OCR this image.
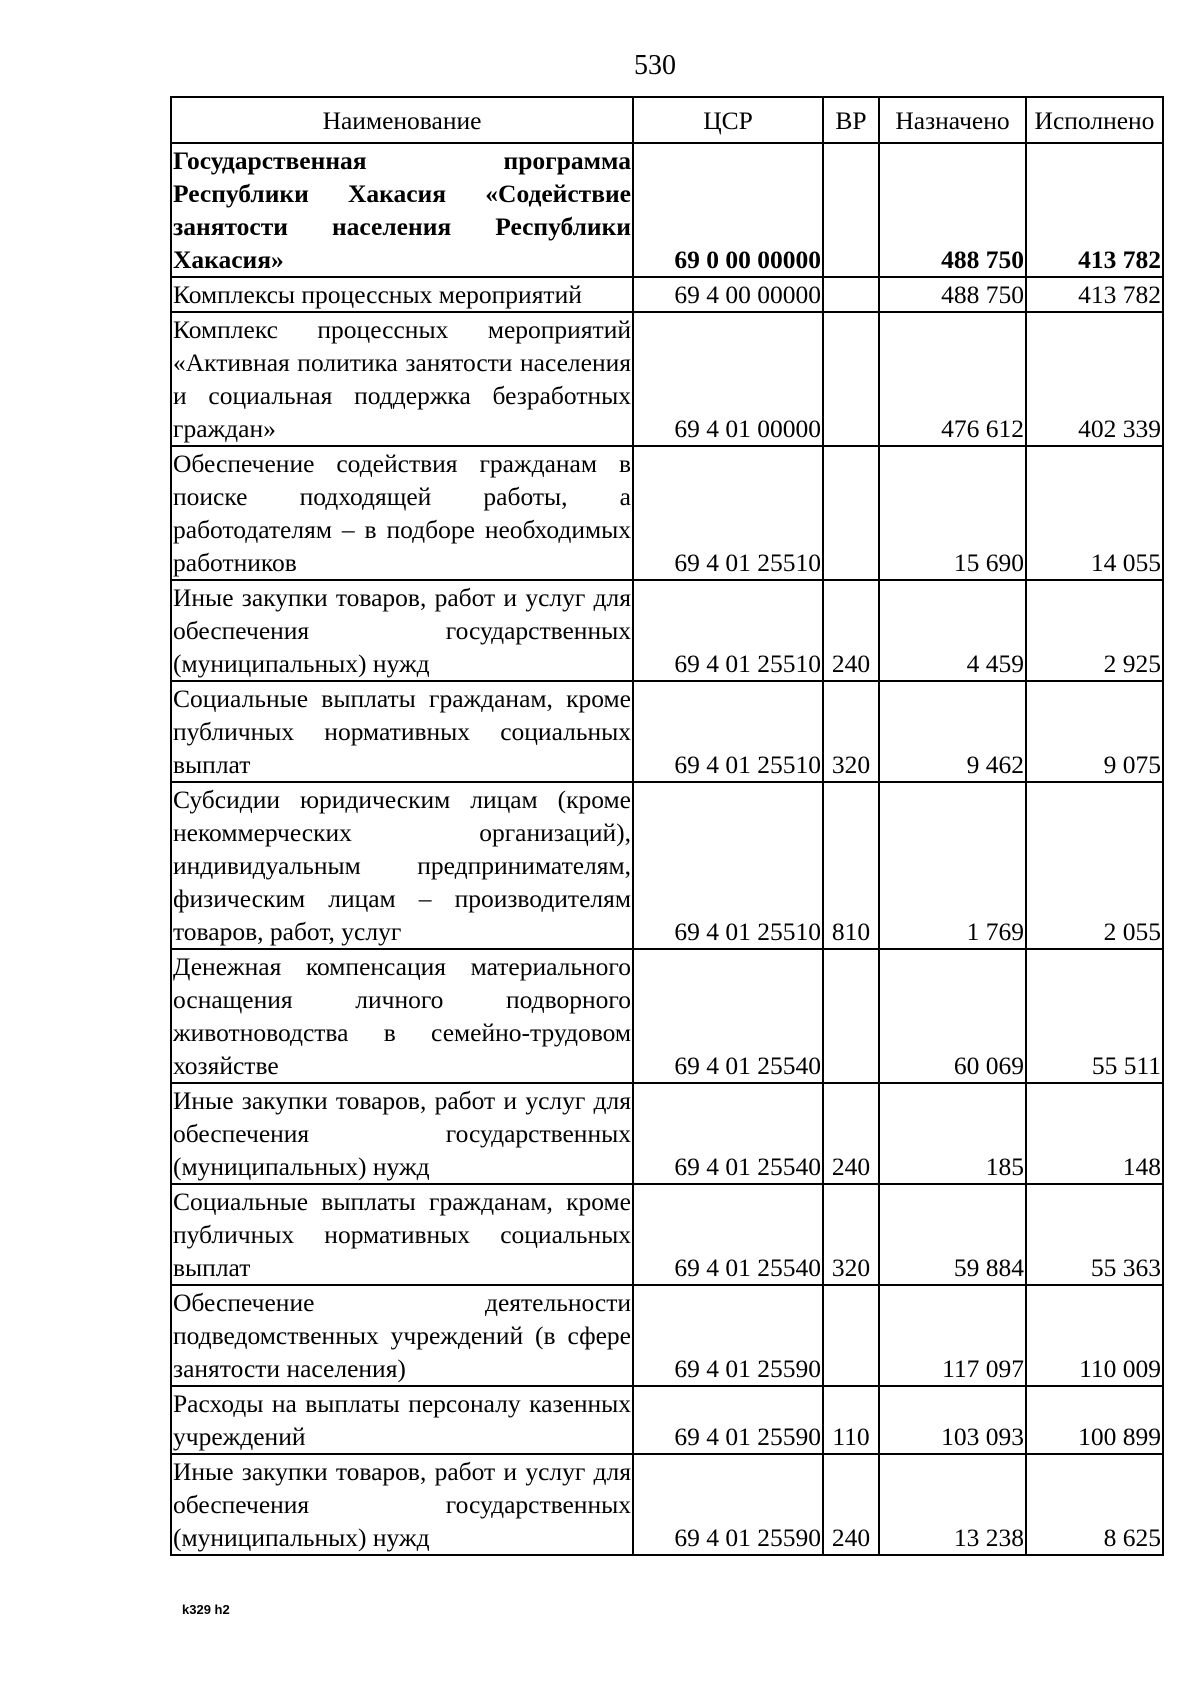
530
Наименование	ЦСР	ВР	Назначено	Исполнено
Государственная программа Республики Хакасия «Содействие занятости населения Республики Хакасия»	69 0 00 00000		488 750	413 782
Комплексы процессных мероприятий	69 4 00 00000		488 750	413 782
Комплекс процессных мероприятий «Активная политика занятости населения и социальная поддержка безработных граждан»	69 4 01 00000		476 612	402 339
Обеспечение содействия гражданам в поиске подходящей работы, а работодателям – в подборе необходимых работников	69 4 01 25510		15 690	14 055
Иные закупки товаров, работ и услуг для обеспечения государственных (муниципальных) нужд	69 4 01 25510	240	4 459	2 925
Социальные выплаты гражданам, кроме публичных нормативных социальных выплат	69 4 01 25510	320	9 462	9 075
Субсидии юридическим лицам (кроме некоммерческих организаций), индивидуальным предпринимателям, физическим лицам – производителям товаров, работ, услуг	69 4 01 25510	810	1 769	2 055
Денежная компенсация материального оснащения личного подворного животноводства в семейно-трудовом хозяйстве	69 4 01 25540		60 069	55 511
Иные закупки товаров, работ и услуг для обеспечения государственных (муниципальных) нужд	69 4 01 25540	240	185	148
Социальные выплаты гражданам, кроме публичных нормативных социальных выплат	69 4 01 25540	320	59 884	55 363
Обеспечение деятельности подведомственных учреждений (в сфере занятости населения)	69 4 01 25590		117 097	110 009
Расходы на выплаты персоналу казенных учреждений	69 4 01 25590	110	103 093	100 899
Иные закупки товаров, работ и услуг для обеспечения государственных (муниципальных) нужд	69 4 01 25590	240	13 238	8 625
k329 h2
